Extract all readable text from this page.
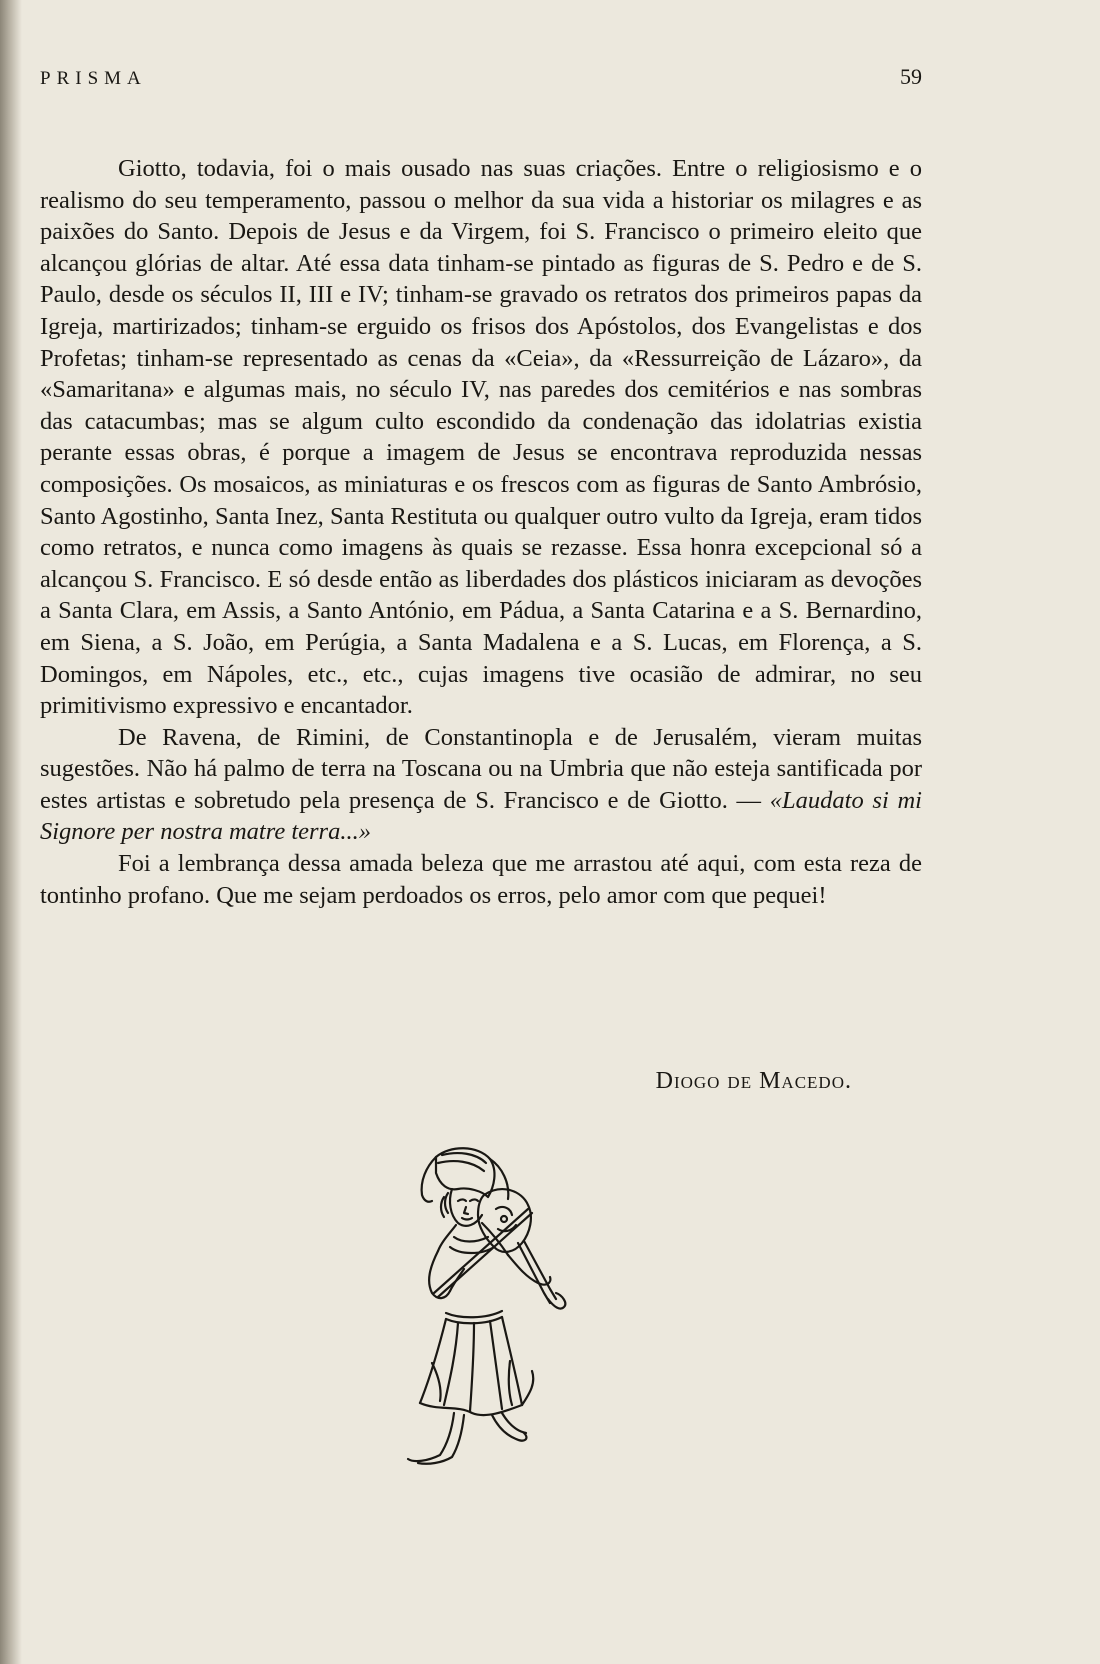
PRISMA	59

Giotto, todavia, foi o mais ousado nas suas criações. Entre o religiosismo e o realismo do seu temperamento, passou o melhor da sua vida a historiar os milagres e as paixões do Santo. Depois de Jesus e da Virgem, foi S. Francisco o primeiro eleito que alcançou glórias de altar. Até essa data tinham-se pintado as figuras de S. Pedro e de S. Paulo, desde os séculos II, III e IV; tinham-se gravado os retratos dos primeiros papas da Igreja, martirizados; tinham-se erguido os frisos dos Apóstolos, dos Evangelistas e dos Profetas; tinham-se representado as cenas da «Ceia», da «Ressurreição de Lázaro», da «Samaritana» e algumas mais, no século IV, nas paredes dos cemitérios e nas sombras das catacumbas; mas se algum culto escondido da condenação das idolatrias existia perante essas obras, é porque a imagem de Jesus se encontrava reproduzida nessas composições. Os mosaicos, as miniaturas e os frescos com as figuras de Santo Ambrósio, Santo Agostinho, Santa Inez, Santa Restituta ou qualquer outro vulto da Igreja, eram tidos como retratos, e nunca como imagens às quais se rezasse. Essa honra excepcional só a alcançou S. Francisco. E só desde então as liberdades dos plásticos iniciaram as devoções a Santa Clara, em Assis, a Santo António, em Pádua, a Santa Catarina e a S. Bernardino, em Siena, a S. João, em Perúgia, a Santa Madalena e a S. Lucas, em Florença, a S. Domingos, em Nápoles, etc., etc., cujas imagens tive ocasião de admirar, no seu primitivismo expressivo e encantador.

De Ravena, de Rimini, de Constantinopla e de Jerusalém, vieram muitas sugestões. Não há palmo de terra na Toscana ou na Umbria que não esteja santificada por estes artistas e sobretudo pela presença de S. Francisco e de Giotto. — «Laudato si mi Signore per nostra matre terra...»

Foi a lembrança dessa amada beleza que me arrastou até aqui, com esta reza de tontinho profano. Que me sejam perdoados os erros, pelo amor com que pequei!

Diogo de Macedo.
